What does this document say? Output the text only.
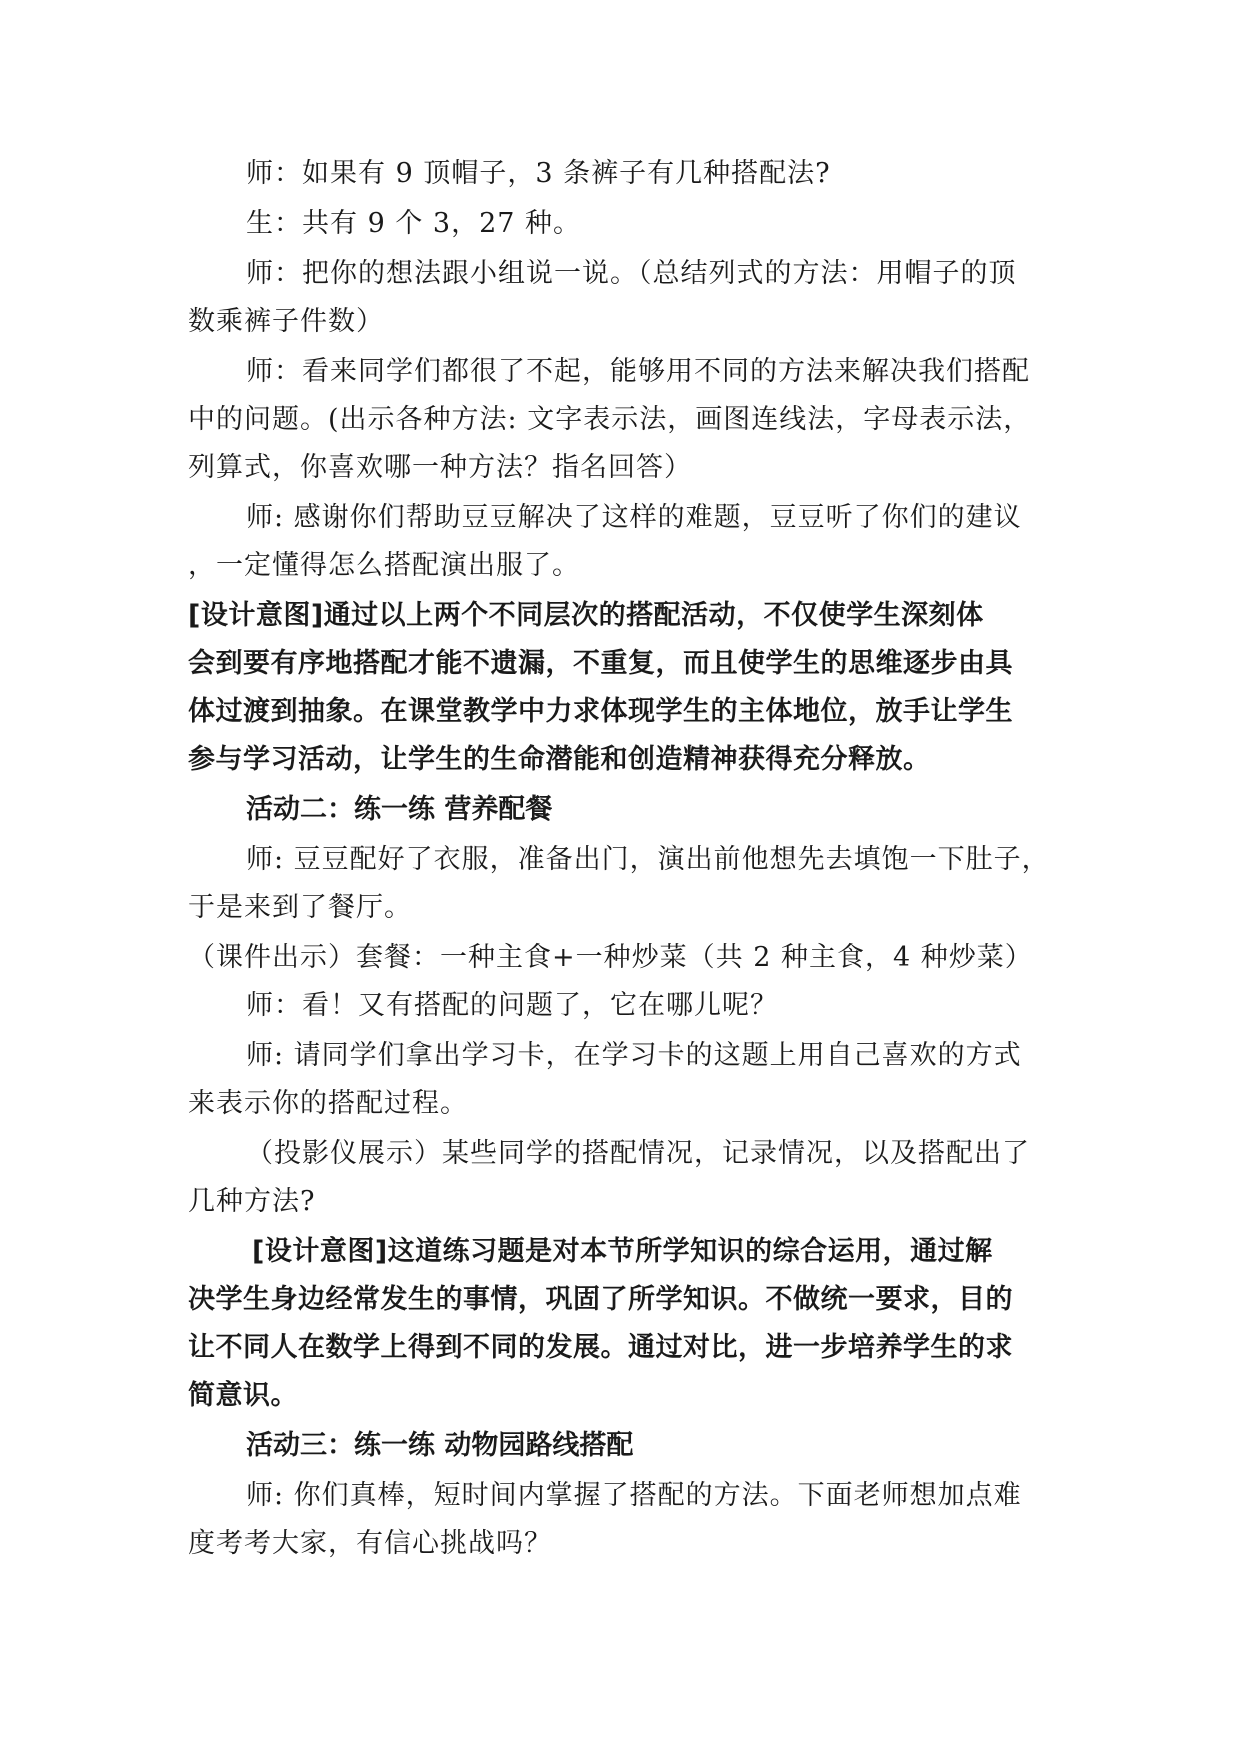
师：如果有 9 顶帽子，3 条裤子有几种搭配法?
生：共有 9 个 3，27 种。
师：把你的想法跟小组说一说。（总结列式的方法：用帽子的顶
数乘裤子件数）
师：看来同学们都很了不起，能够用不同的方法来解决我们搭配
中的问题。(出示各种方法: 文字表示法，画图连线法，字母表示法，
列算式，你喜欢哪一种方法？指名回答）
师: 感谢你们帮助豆豆解决了这样的难题，豆豆听了你们的建议
，一定懂得怎么搭配演出服了。
[设计意图]通过以上两个不同层次的搭配活动，不仅使学生深刻体
会到要有序地搭配才能不遗漏，不重复，而且使学生的思维逐步由具
体过渡到抽象。在课堂教学中力求体现学生的主体地位，放手让学生
参与学习活动，让学生的生命潜能和创造精神获得充分释放。
活动二：练一练 营养配餐
师: 豆豆配好了衣服，准备出门，演出前他想先去填饱一下肚子，
于是来到了餐厅。
（课件出示）套餐：一种主食+一种炒菜（共 2 种主食，4 种炒菜）
师：看！又有搭配的问题了，它在哪儿呢？
师: 请同学们拿出学习卡，在学习卡的这题上用自己喜欢的方式
来表示你的搭配过程。
（投影仪展示）某些同学的搭配情况，记录情况，以及搭配出了
几种方法?
[设计意图]这道练习题是对本节所学知识的综合运用，通过解
决学生身边经常发生的事情，巩固了所学知识。不做统一要求，目的
让不同人在数学上得到不同的发展。通过对比，进一步培养学生的求
简意识。
活动三：练一练 动物园路线搭配
师: 你们真棒，短时间内掌握了搭配的方法。下面老师想加点难
度考考大家，有信心挑战吗？
